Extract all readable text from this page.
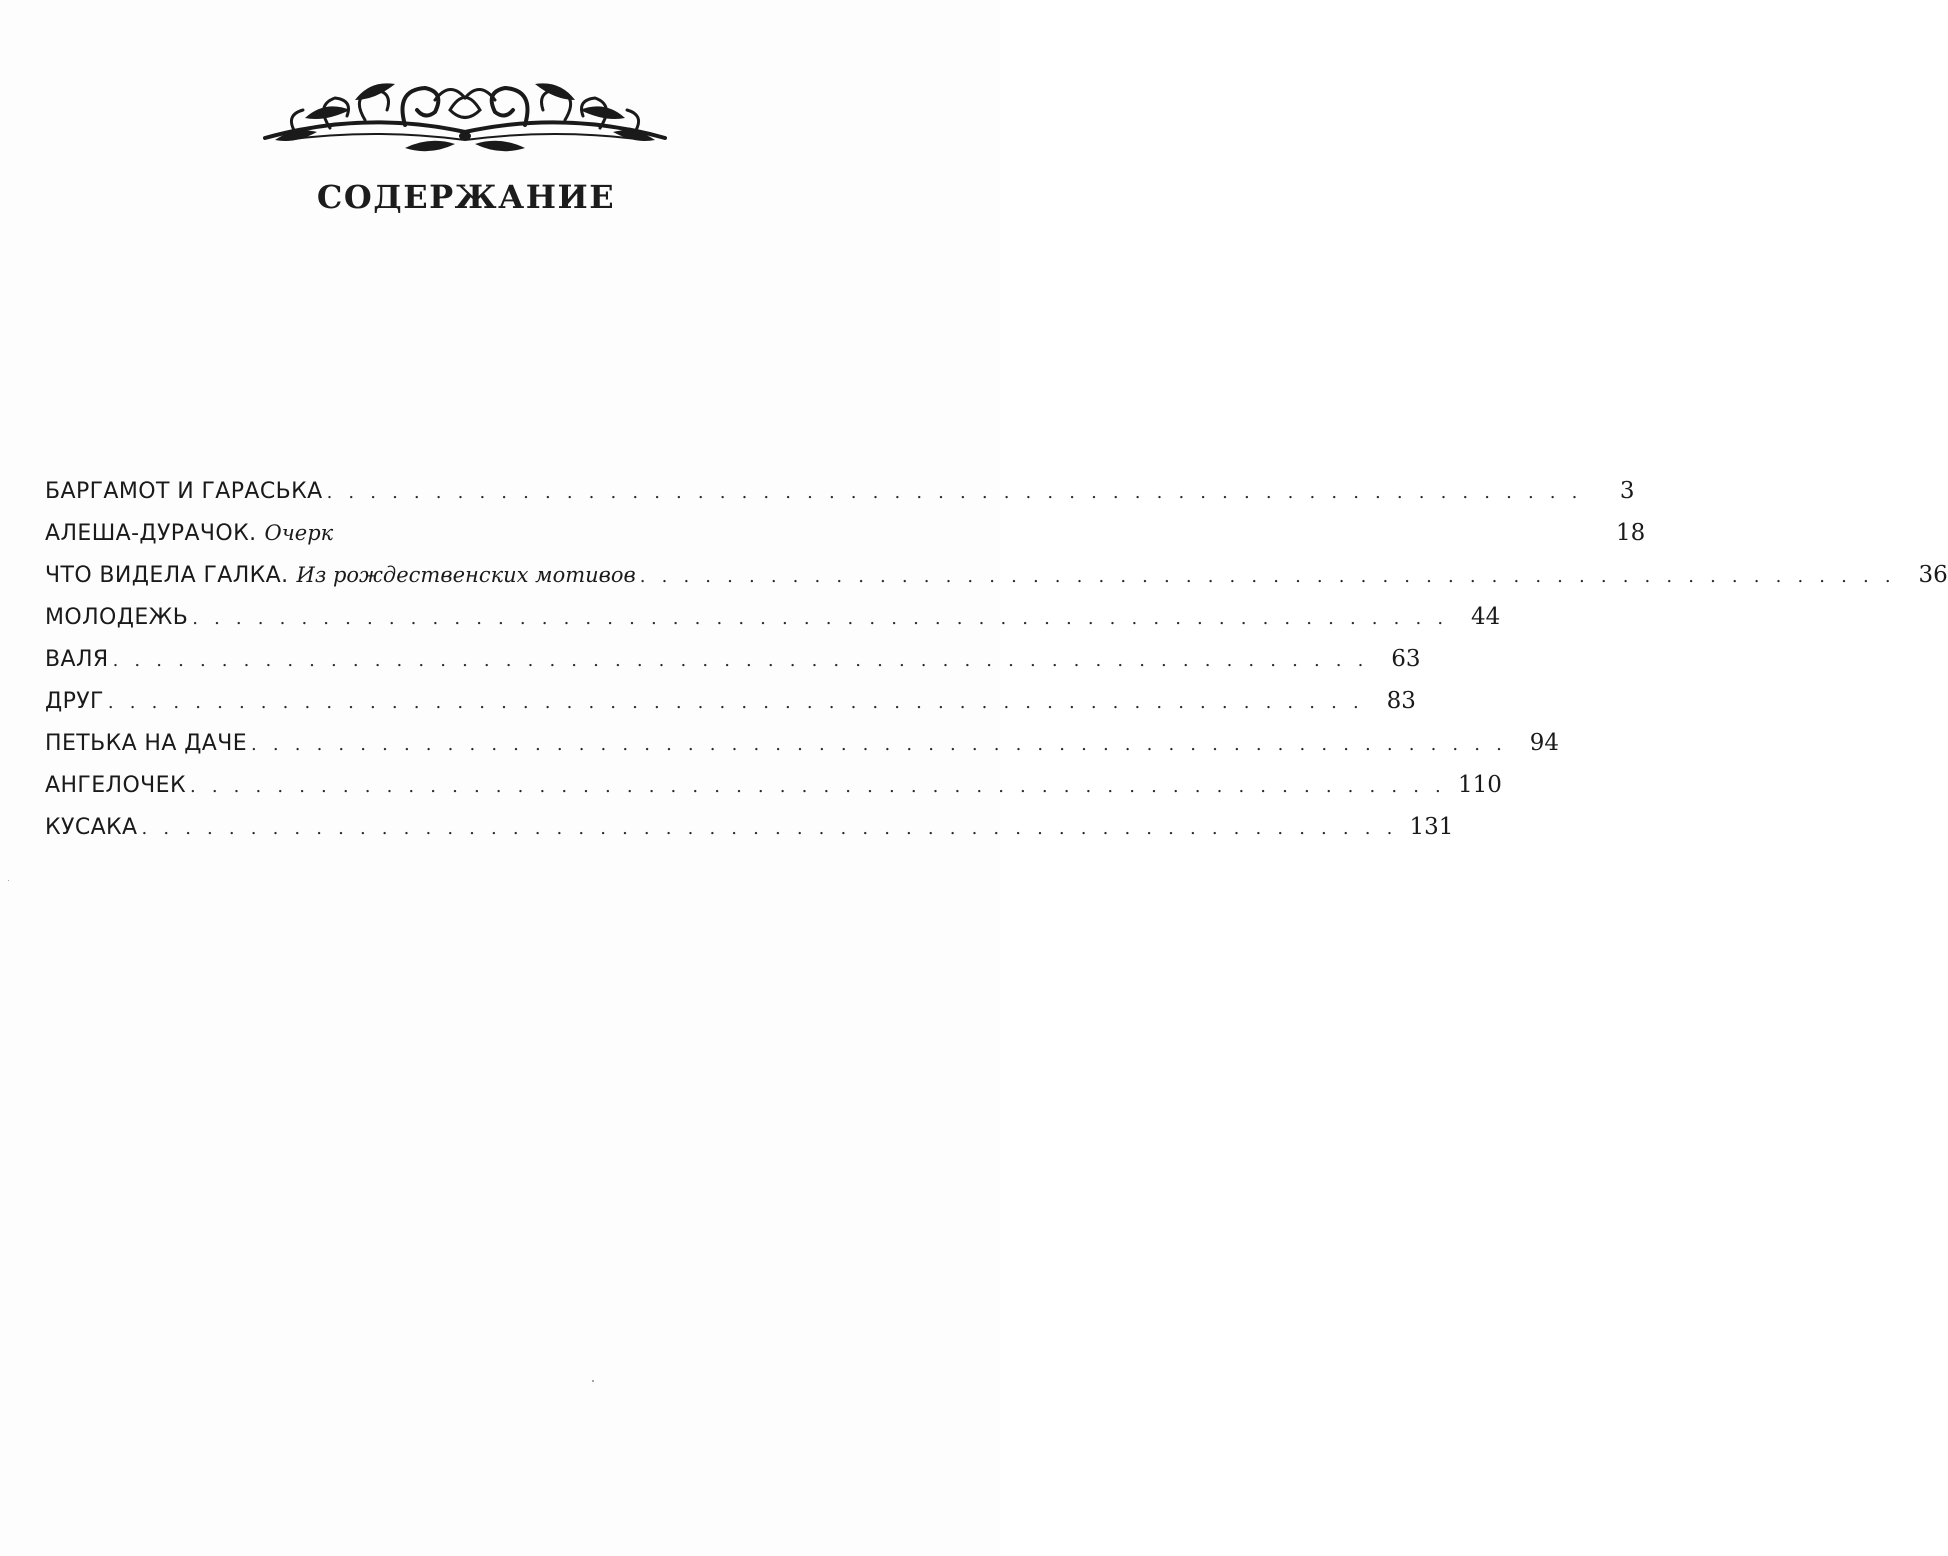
СОДЕРЖАНИЕ
БАРГАМОТ И ГАРАСЬКА . . . . . . . . . . . . . . . . . . . . . . . . . . . . . . . . . . . . . . . . . . . . . . . . . . . . . . . . . .	3
АЛЕША-ДУРАЧОК. Очерк	18
ЧТО ВИДЕЛА ГАЛКА. Из рождественских мотивов . . . . . . . . . . . . . . . . . . . . . . . . . . . . . . . . . . . . . . . . . . . . . . . . . . . . . . . . . . 36
МОЛОДЕЖЬ . . . . . . . . . . . . . . . . . . . . . . . . . . . . . . . . . . . . . . . . . . . . . . . . . . . . . . . . . . 44
ВАЛЯ . . . . . . . . . . . . . . . . . . . . . . . . . . . . . . . . . . . . . . . . . . . . . . . . . . . . . . . . . . 63
ДРУГ . . . . . . . . . . . . . . . . . . . . . . . . . . . . . . . . . . . . . . . . . . . . . . . . . . . . . . . . . . 83
ПЕТЬКА НА ДАЧЕ . . . . . . . . . . . . . . . . . . . . . . . . . . . . . . . . . . . . . . . . . . . . . . . . . . . . . . . . . . 94
АНГЕЛОЧЕК . . . . . . . . . . . . . . . . . . . . . . . . . . . . . . . . . . . . . . . . . . . . . . . . . . . . . . . . . . 110
КУСАКА . . . . . . . . . . . . . . . . . . . . . . . . . . . . . . . . . . . . . . . . . . . . . . . . . . . . . . . . . . 131
